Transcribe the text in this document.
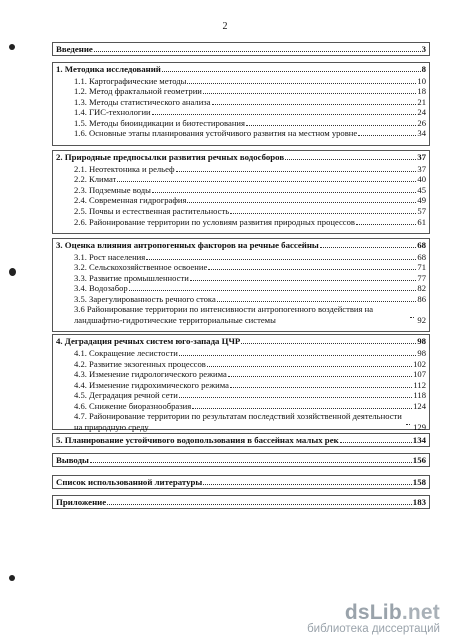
2
Введение	3
1. Методика исследований	8
1.1. Картографические методы	10
1.2. Метод фрактальной геометрии	18
1.3. Методы статистического анализа	21
1.4. ГИС-технологии	24
1.5. Методы биоиндикации и биотестирования	26
1.6. Основные этапы планирования устойчивого развития на местном уровне	34
2. Природные предпосылки развития речных водосборов	37
2.1. Неотектоника и рельеф	37
2.2. Климат	40
2.3. Подземные воды	45
2.4. Современная гидрография	49
2.5. Почвы и естественная растительность	57
2.6. Районирование территории по условиям развития природных процессов	61
3. Оценка влияния антропогенных факторов на речные бассейны	68
3.1. Рост населения	68
3.2. Сельскохозяйственное освоение	71
3.3. Развитие промышленности	77
3.4. Водозабор	82
3.5. Зарегулированность речного стока	86
3.6 Районирование территории по интенсивности антропогенного воздействия на ландшафтно-гидротические территориальные системы	92
4. Деградация речных систем юго-запада ЦЧР	98
4.1. Сокращение лесистости	98
4.2. Развитие экзогенных процессов	102
4.3. Изменение гидрологического режима	107
4.4. Изменение гидрохимического режима	112
4.5. Деградация речной сети	118
4.6. Снижение биоразнообразия	124
4.7. Районирование территории по результатам последствий хозяйственной деятельности на природную среду	129
5. Планирование устойчивого водопользования в бассейнах малых рек	134
Выводы	156
Список использованной литературы	158
Приложение	183
dsLib.net
библиотека диссертаций
